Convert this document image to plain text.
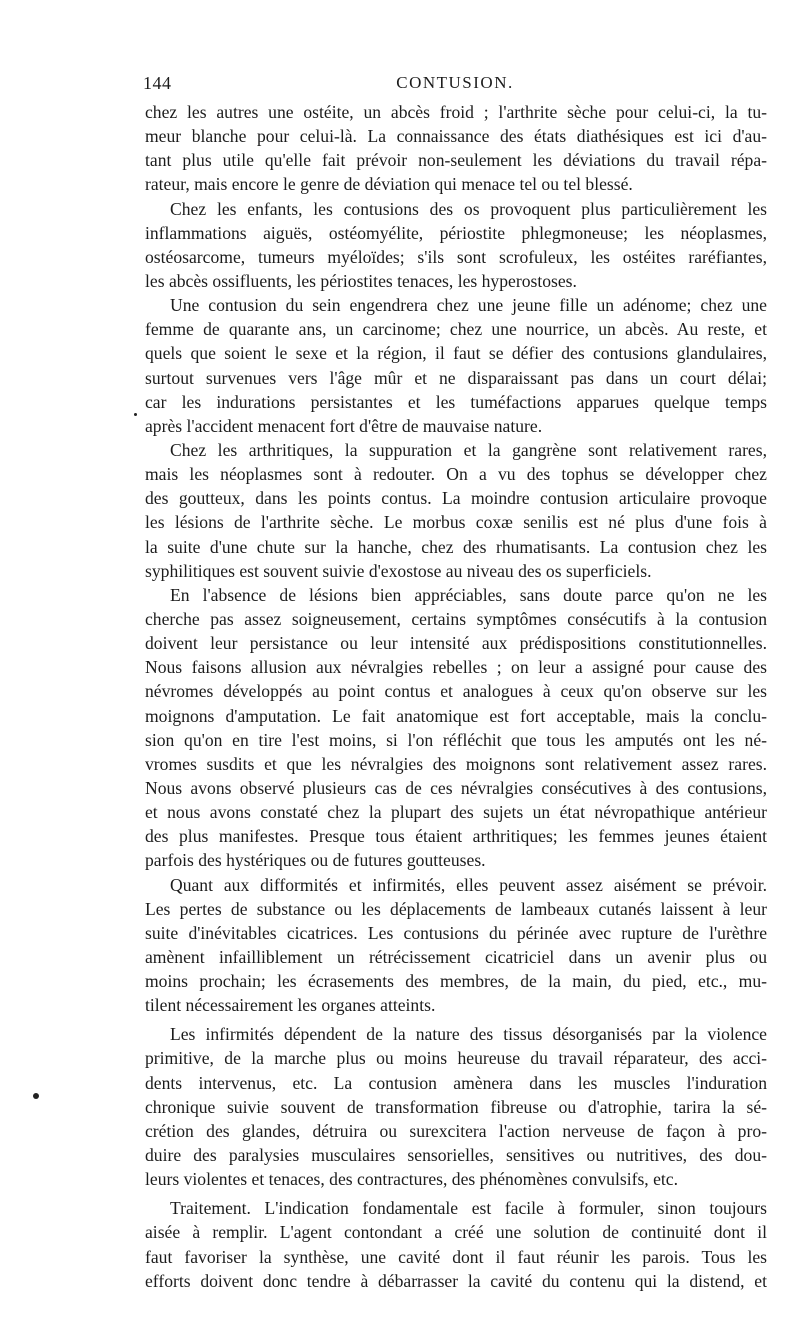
144	CONTUSION.
chez les autres une ostéite, un abcès froid ; l'arthrite sèche pour celui-ci, la tu-
meur blanche pour celui-là. La connaissance des états diathésiques est ici d'au-
tant plus utile qu'elle fait prévoir non-seulement les déviations du travail répa-
rateur, mais encore le genre de déviation qui menace tel ou tel blessé.
Chez les enfants, les contusions des os provoquent plus particulièrement les
inflammations aiguës, ostéomyélite, périostite phlegmoneuse; les néoplasmes,
ostéosarcome, tumeurs myéloïdes; s'ils sont scrofuleux, les ostéites raréfiantes,
les abcès ossifluents, les périostites tenaces, les hyperostoses.
Une contusion du sein engendrera chez une jeune fille un adénome; chez une
femme de quarante ans, un carcinome; chez une nourrice, un abcès. Au reste, et
quels que soient le sexe et la région, il faut se défier des contusions glandulaires,
surtout survenues vers l'âge mûr et ne disparaissant pas dans un court délai;
car les indurations persistantes et les tuméfactions apparues quelque temps
après l'accident menacent fort d'être de mauvaise nature.
Chez les arthritiques, la suppuration et la gangrène sont relativement rares,
mais les néoplasmes sont à redouter. On a vu des tophus se développer chez
des goutteux, dans les points contus. La moindre contusion articulaire provoque
les lésions de l'arthrite sèche. Le morbus coxæ senilis est né plus d'une fois à
la suite d'une chute sur la hanche, chez des rhumatisants. La contusion chez les
syphilitiques est souvent suivie d'exostose au niveau des os superficiels.
En l'absence de lésions bien appréciables, sans doute parce qu'on ne les
cherche pas assez soigneusement, certains symptômes consécutifs à la contusion
doivent leur persistance ou leur intensité aux prédispositions constitutionnelles.
Nous faisons allusion aux névralgies rebelles ; on leur a assigné pour cause des
névromes développés au point contus et analogues à ceux qu'on observe sur les
moignons d'amputation. Le fait anatomique est fort acceptable, mais la conclu-
sion qu'on en tire l'est moins, si l'on réfléchit que tous les amputés ont les né-
vromes susdits et que les névralgies des moignons sont relativement assez rares.
Nous avons observé plusieurs cas de ces névralgies consécutives à des contusions,
et nous avons constaté chez la plupart des sujets un état névropathique antérieur
des plus manifestes. Presque tous étaient arthritiques; les femmes jeunes étaient
parfois des hystériques ou de futures goutteuses.
Quant aux difformités et infirmités, elles peuvent assez aisément se prévoir.
Les pertes de substance ou les déplacements de lambeaux cutanés laissent à leur
suite d'inévitables cicatrices. Les contusions du périnée avec rupture de l'urèthre
amènent infailliblement un rétrécissement cicatriciel dans un avenir plus ou
moins prochain; les écrasements des membres, de la main, du pied, etc., mu-
tilent nécessairement les organes atteints.
Les infirmités dépendent de la nature des tissus désorganisés par la violence
primitive, de la marche plus ou moins heureuse du travail réparateur, des acci-
dents intervenus, etc. La contusion amènera dans les muscles l'induration
chronique suivie souvent de transformation fibreuse ou d'atrophie, tarira la sé-
crétion des glandes, détruira ou surexcitera l'action nerveuse de façon à pro-
duire des paralysies musculaires sensorielles, sensitives ou nutritives, des dou-
leurs violentes et tenaces, des contractures, des phénomènes convulsifs, etc.
Traitement. L'indication fondamentale est facile à formuler, sinon toujours
aisée à remplir. L'agent contondant a créé une solution de continuité dont il
faut favoriser la synthèse, une cavité dont il faut réunir les parois. Tous les
efforts doivent donc tendre à débarrasser la cavité du contenu qui la distend, et
